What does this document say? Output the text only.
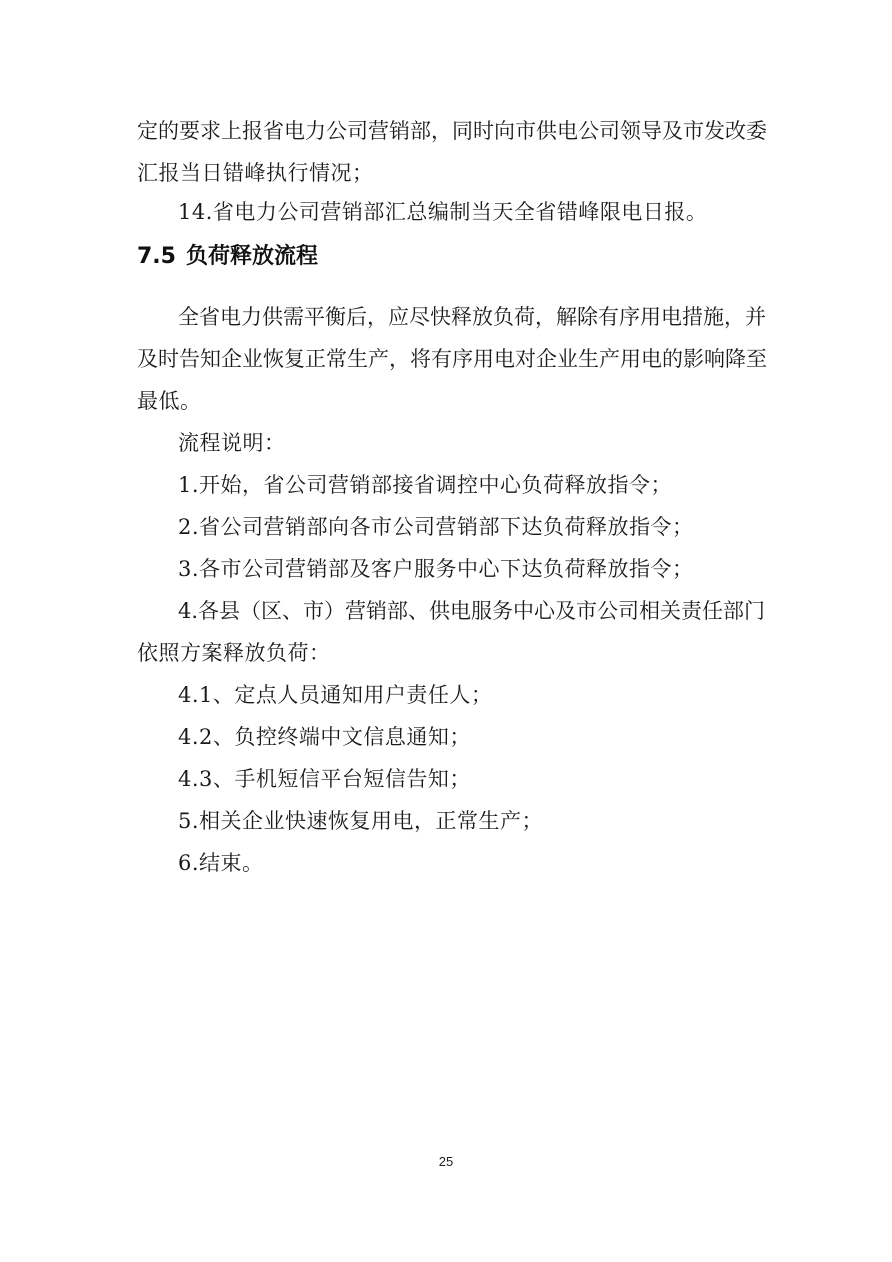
定的要求上报省电力公司营销部，同时向市供电公司领导及市发改委
汇报当日错峰执行情况；
14.省电力公司营销部汇总编制当天全省错峰限电日报。
7.5 负荷释放流程
全省电力供需平衡后，应尽快释放负荷，解除有序用电措施，并
及时告知企业恢复正常生产，将有序用电对企业生产用电的影响降至
最低。
流程说明：
1.开始，省公司营销部接省调控中心负荷释放指令；
2.省公司营销部向各市公司营销部下达负荷释放指令；
3.各市公司营销部及客户服务中心下达负荷释放指令；
4.各县（区、市）营销部、供电服务中心及市公司相关责任部门
依照方案释放负荷：
4.1、定点人员通知用户责任人；
4.2、负控终端中文信息通知；
4.3、手机短信平台短信告知；
5.相关企业快速恢复用电，正常生产；
6.结束。
25
